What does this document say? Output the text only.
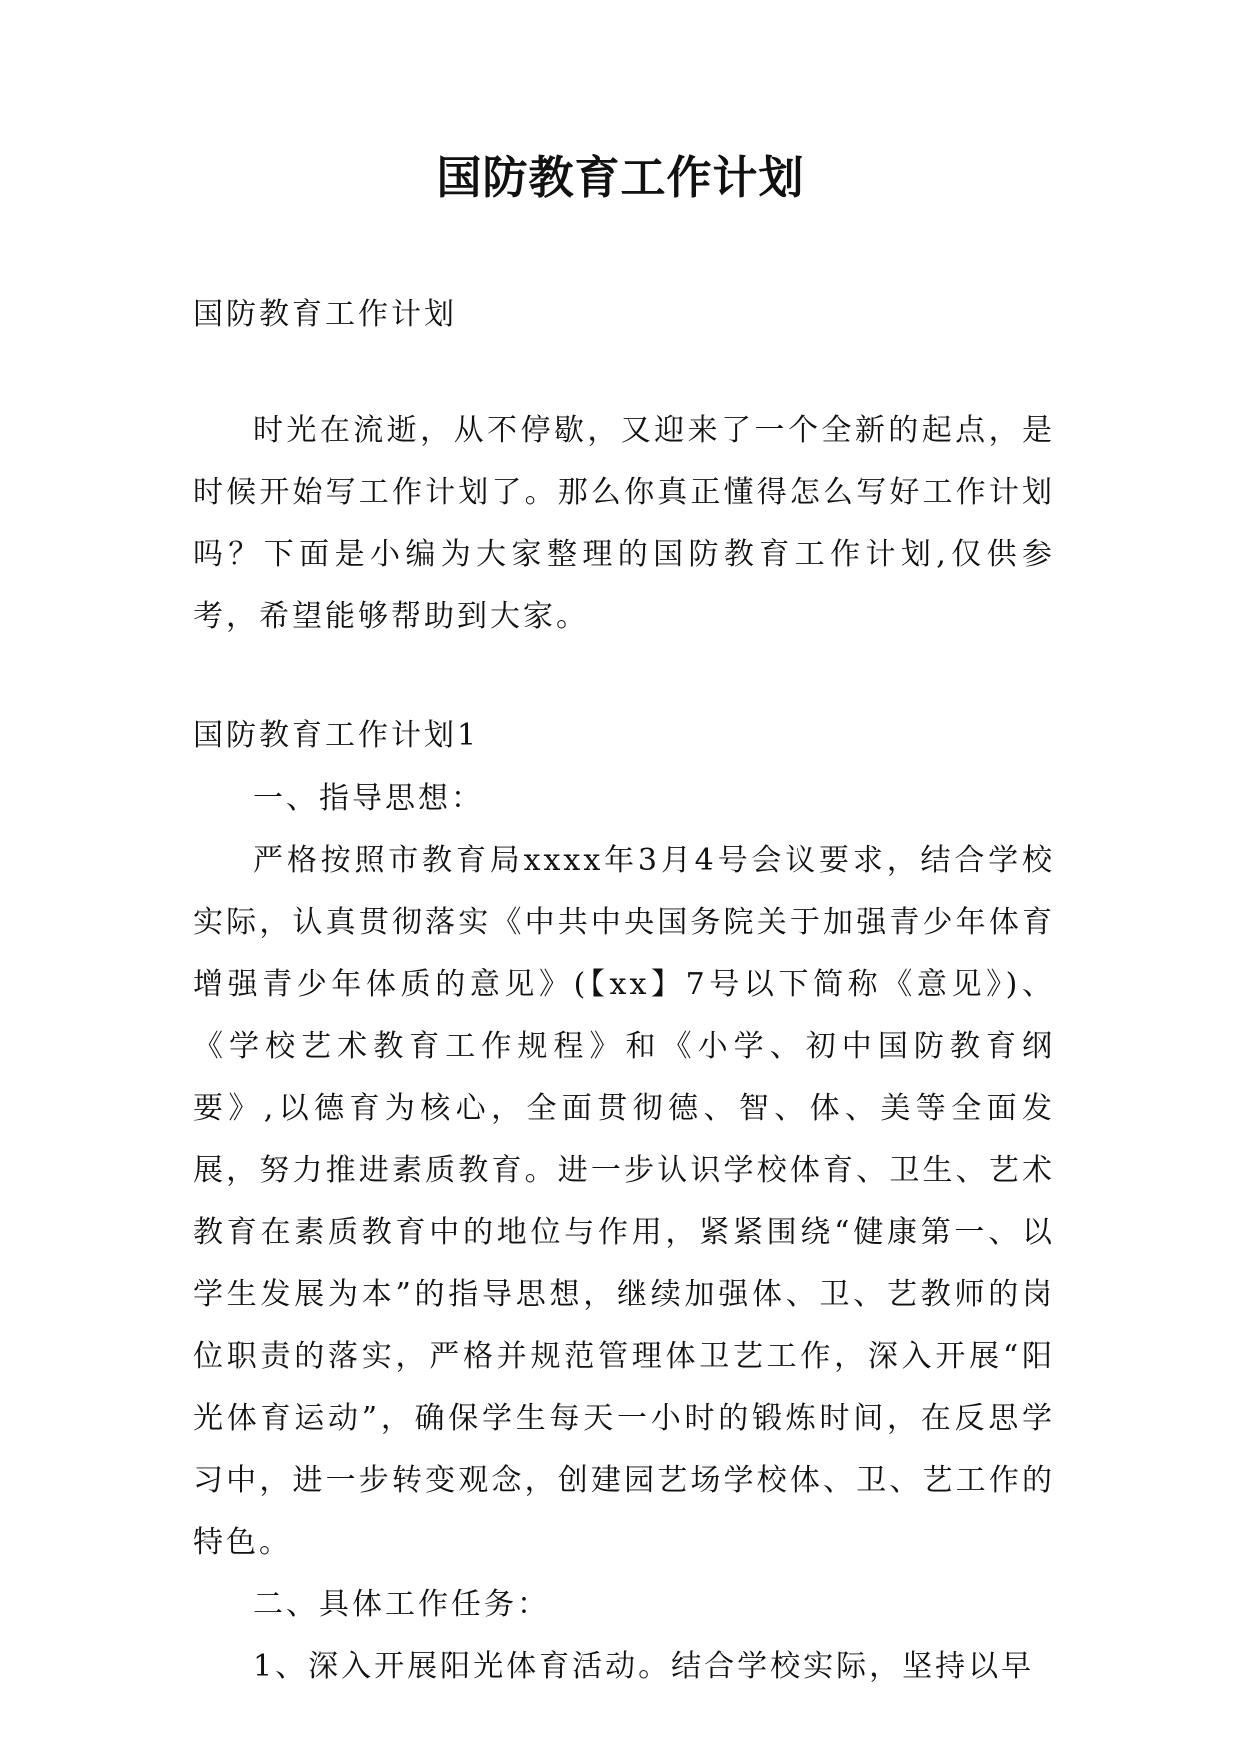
国防教育工作计划
国防教育工作计划

时光在流逝，从不停歇，又迎来了一个全新的起点，是时候开始写工作计划了。那么你真正懂得怎么写好工作计划吗？下面是小编为大家整理的国防教育工作计划,仅供参考，希望能够帮助到大家。

国防教育工作计划1

一、指导思想：

严格按照市教育局xxxx年3月4号会议要求，结合学校实际，认真贯彻落实《中共中央国务院关于加强青少年体育增强青少年体质的意见》(【xx】7号以下简称《意见》)、《学校艺术教育工作规程》和《小学、初中国防教育纲要》,以德育为核心，全面贯彻德、智、体、美等全面发展，努力推进素质教育。进一步认识学校体育、卫生、艺术教育在素质教育中的地位与作用，紧紧围绕“健康第一、以学生发展为本”的指导思想，继续加强体、卫、艺教师的岗位职责的落实，严格并规范管理体卫艺工作，深入开展“阳光体育运动”，确保学生每天一小时的锻炼时间，在反思学习中，进一步转变观念，创建园艺场学校体、卫、艺工作的特色。

二、具体工作任务：

1、深入开展阳光体育活动。结合学校实际，坚持以早
